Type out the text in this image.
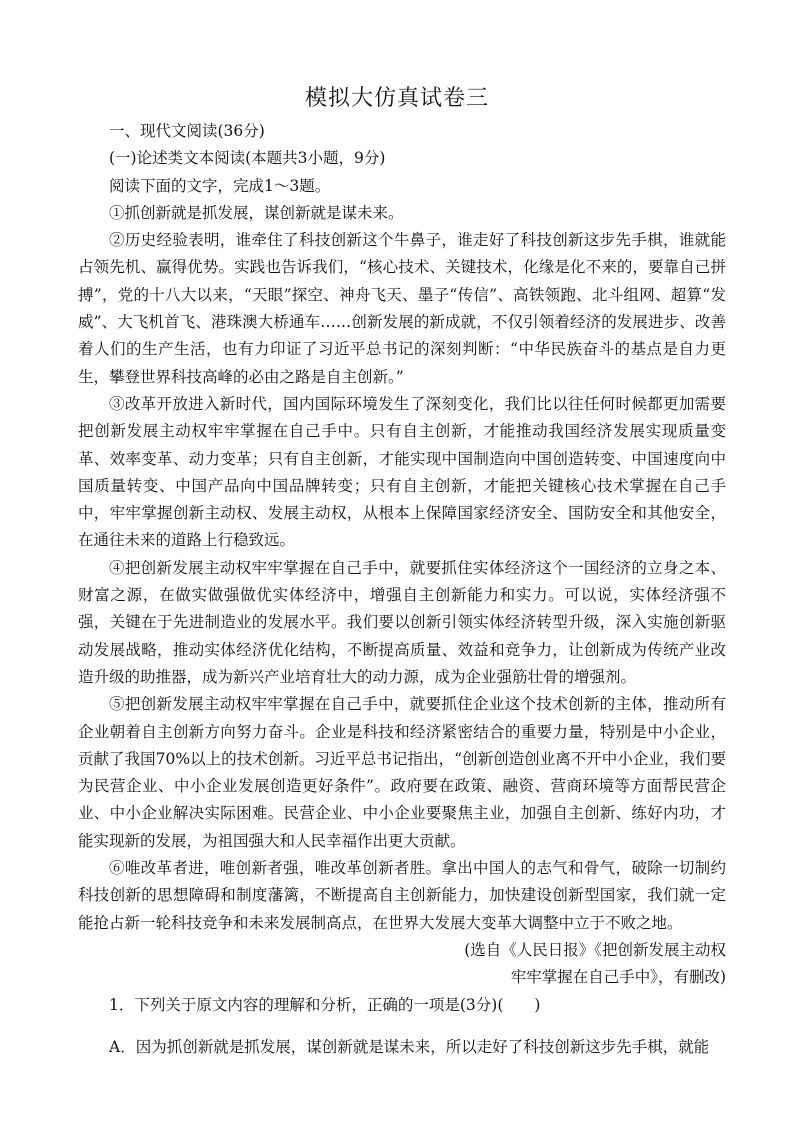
模拟大仿真试卷三

一、现代文阅读(36分)

(一)论述类文本阅读(本题共3小题，9分)

阅读下面的文字，完成1～3题。

①抓创新就是抓发展，谋创新就是谋未来。

②历史经验表明，谁牵住了科技创新这个牛鼻子，谁走好了科技创新这步先手棋，谁就能占领先机、赢得优势。实践也告诉我们，“核心技术、关键技术，化缘是化不来的，要靠自己拼搏”，党的十八大以来，“天眼”探空、神舟飞天、墨子“传信”、高铁领跑、北斗组网、超算“发威”、大飞机首飞、港珠澳大桥通车……创新发展的新成就，不仅引领着经济的发展进步、改善着人们的生产生活，也有力印证了习近平总书记的深刻判断：“中华民族奋斗的基点是自力更生，攀登世界科技高峰的必由之路是自主创新。”

③改革开放进入新时代，国内国际环境发生了深刻变化，我们比以往任何时候都更加需要把创新发展主动权牢牢掌握在自己手中。只有自主创新，才能推动我国经济发展实现质量变革、效率变革、动力变革；只有自主创新，才能实现中国制造向中国创造转变、中国速度向中国质量转变、中国产品向中国品牌转变；只有自主创新，才能把关键核心技术掌握在自己手中，牢牢掌握创新主动权、发展主动权，从根本上保障国家经济安全、国防安全和其他安全，在通往未来的道路上行稳致远。

④把创新发展主动权牢牢掌握在自己手中，就要抓住实体经济这个一国经济的立身之本、财富之源，在做实做强做优实体经济中，增强自主创新能力和实力。可以说，实体经济强不强，关键在于先进制造业的发展水平。我们要以创新引领实体经济转型升级，深入实施创新驱动发展战略，推动实体经济优化结构，不断提高质量、效益和竞争力，让创新成为传统产业改造升级的助推器，成为新兴产业培育壮大的动力源，成为企业强筋壮骨的增强剂。

⑤把创新发展主动权牢牢掌握在自己手中，就要抓住企业这个技术创新的主体，推动所有企业朝着自主创新方向努力奋斗。企业是科技和经济紧密结合的重要力量，特别是中小企业，贡献了我国70%以上的技术创新。习近平总书记指出，“创新创造创业离不开中小企业，我们要为民营企业、中小企业发展创造更好条件”。政府要在政策、融资、营商环境等方面帮民营企业、中小企业解决实际困难。民营企业、中小企业要聚焦主业，加强自主创新、练好内功，才能实现新的发展，为祖国强大和人民幸福作出更大贡献。

⑥唯改革者进，唯创新者强，唯改革创新者胜。拿出中国人的志气和骨气，破除一切制约科技创新的思想障碍和制度藩篱，不断提高自主创新能力，加快建设创新型国家，我们就一定能抢占新一轮科技竞争和未来发展制高点，在世界大发展大变革大调整中立于不败之地。

(选自《人民日报》《把创新发展主动权

牢牢掌握在自己手中》，有删改)

1．下列关于原文内容的理解和分析，正确的一项是(3分)(　　)

A．因为抓创新就是抓发展，谋创新就是谋未来，所以走好了科技创新这步先手棋，就能
